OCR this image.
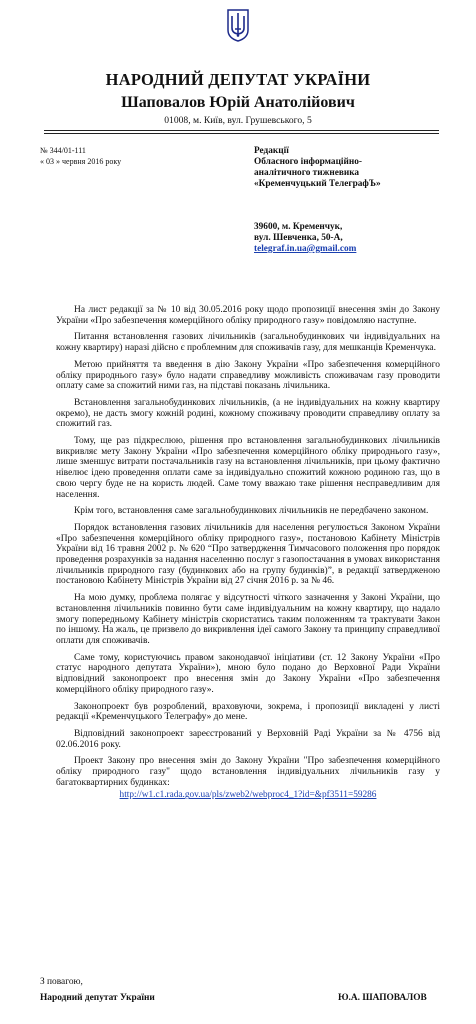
НАРОДНИЙ ДЕПУТАТ УКРАЇНИ
Шаповалов Юрій Анатолійович
01008, м. Київ, вул. Грушевського, 5
№ 344/01-111
« 03 » червня 2016 року
Редакції
Обласного інформаційно-
аналітичного тижневика
«Кременчуцький ТелеграфЪ»
39600, м. Кременчук,
вул. Шевченка, 50-А,
telegraf.in.ua@gmail.com

На лист редакції за № 10 від 30.05.2016 року щодо пропозиції внесення змін до Закону України «Про забезпечення комерційного обліку природного газу» повідомляю наступне.

Питання встановлення газових лічильників (загальнобудинкових чи індивідуальних на кожну квартиру) наразі дійсно є проблемним для споживачів газу, для мешканців Кременчука.

Метою прийняття та введення в дію Закону України «Про забезпечення комерційного обліку природнього газу» було надати справедливу можливість споживачам газу проводити оплату саме за спожитий ними газ, на підставі показань лічильника.

Встановлення загальнобудинкових лічильників, (а не індивідуальних на кожну квартиру окремо), не дасть змогу кожній родині, кожному споживачу проводити справедливу оплату за спожитий газ.

Тому, ще раз підкреслюю, рішення про встановлення загальнобудинкових лічильників викривляє мету Закону України «Про забезпечення комерційного обліку природнього газу», лише зменшує витрати постачальників газу на встановлення лічильників, при цьому фактично нівелює ідею проведення оплати саме за індивідуально спожитий кожною родиною газ, що в свою чергу буде не на користь людей. Саме тому вважаю таке рішення несправедливим для населення.

Крім того, встановлення саме загальнобудинкових лічильників не передбачено законом.

Порядок встановлення газових лічильників для населення регулюється Законом України «Про забезпечення комерційного обліку природного газу», постановою Кабінету Міністрів України від 16 травня 2002 р. № 620 “Про затвердження Тимчасового положення про порядок проведення розрахунків за надання населенню послуг з газопостачання в умовах використання лічильників природного газу (будинкових або на групу будинків)”, в редакції затвердженою постановою Кабінету Міністрів України від 27 січня 2016 р. за № 46.

На мою думку, проблема полягає у відсутності чіткого зазначення у Законі України, що встановлення лічильників повинно бути саме індивідуальним на кожну квартиру, що надало змогу попередньому Кабінету міністрів скористатись таким положенням та трактувати Закон по іншому. На жаль, це призвело до викривлення ідеї самого Закону та принципу справедливої оплати для споживачів.

Саме тому, користуючись правом законодавчої ініціативи (ст. 12 Закону України «Про статус народного депутата України»), мною було подано до Верховної Ради України відповідний законопроект про внесення змін до Закону України «Про забезпечення комерційного обліку природного газу».

Законопроект був розроблений, враховуючи, зокрема, і пропозиції викладені у листі редакції «Кременчуцького Телеграфу» до мене.

Відповідний законопроект зареєстрований у Верховній Раді України за № 4756 від 02.06.2016 року.

Проект Закону про внесення змін до Закону України "Про забезпечення комерційного обліку природного газу" щодо встановлення індивідуальних лічильників газу у багатоквартирних будинках:

http://w1.c1.rada.gov.ua/pls/zweb2/webproc4_1?id=&pf3511=59286
З повагою,
Народний депутат України	Ю.А. ШАПОВАЛОВ
